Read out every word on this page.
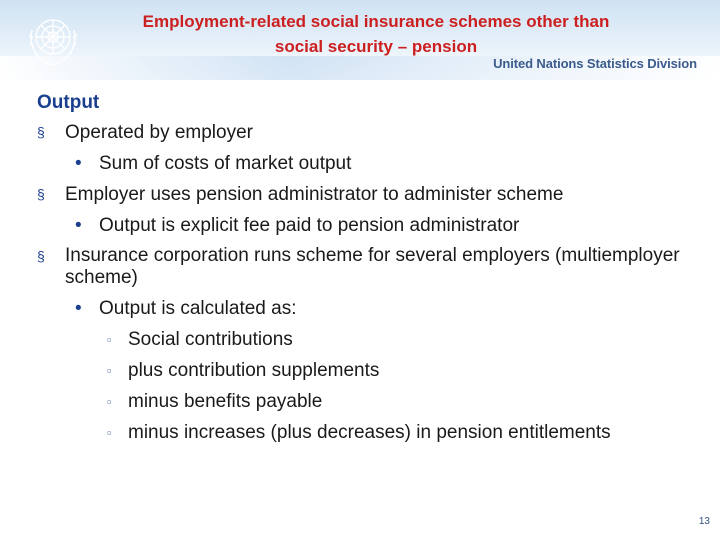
Employment-related social insurance schemes other than
social security – pension
United Nations Statistics Division
Output
§ Operated by employer
• Sum of costs of market output
§ Employer uses pension administrator to administer scheme
• Output is explicit fee paid to pension administrator
§ Insurance corporation runs scheme for several employers (multiemployer scheme)
• Output is calculated as:
▫ Social contributions
▫ plus contribution supplements
▫ minus benefits payable
▫ minus increases (plus decreases) in pension entitlements
13
